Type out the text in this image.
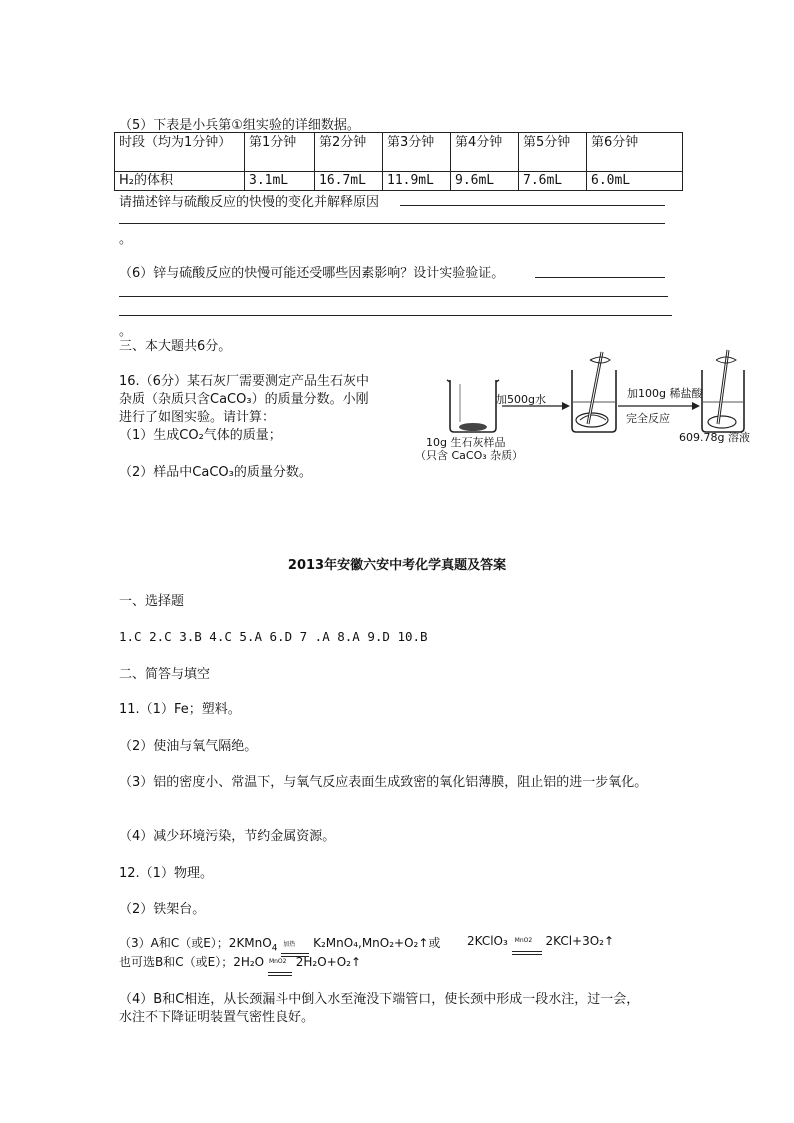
（5）下表是小兵第①组实验的详细数据。
时段（均为1分钟）	第1分钟	第2分钟	第3分钟	第4分钟	第5分钟	第6分钟
H₂的体积	3.1mL	16.7mL	11.9mL	9.6mL	7.6mL	6.0mL
请描述锌与硫酸反应的快慢的变化并解释原因
。
（6）锌与硫酸反应的快慢可能还受哪些因素影响？设计实验验证。
。
三、本大题共6分。
16.（6分）某石灰厂需要测定产品生石灰中
杂质（杂质只含CaCO₃）的质量分数。小刚
进行了如图实验。请计算：
（1）生成CO₂气体的质量；
（2）样品中CaCO₃的质量分数。
加500g水	加100g 稀盐酸
完全反应
10g 生石灰样品
（只含 CaCO₃ 杂质）
609.78g 溶液
2013年安徽六安中考化学真题及答案
一、选择题
1.C 2.C 3.B 4.C 5.A 6.D 7 .A 8.A 9.D 10.B
二、简答与填空
11.（1）Fe；塑料。
（2）使油与氧气隔绝。
（3）铝的密度小、常温下，与氧气反应表面生成致密的氧化铝薄膜，阻止铝的进一步氧化。
（4）减少环境污染，节约金属资源。
12.（1）物理。
（2）铁架台。
（3）A和C（或E）；2KMnO$_4$ 加热 K₂MnO₄,MnO₂+O₂↑或 2KClO₃ MnO2 2KCl+3O₂↑
也可选B和C（或E）；2H₂O MnO2 2H₂O+O₂↑
（4）B和C相连，从长颈漏斗中倒入水至淹没下端管口，使长颈中形成一段水注，过一会，
水注不下降证明装置气密性良好。
